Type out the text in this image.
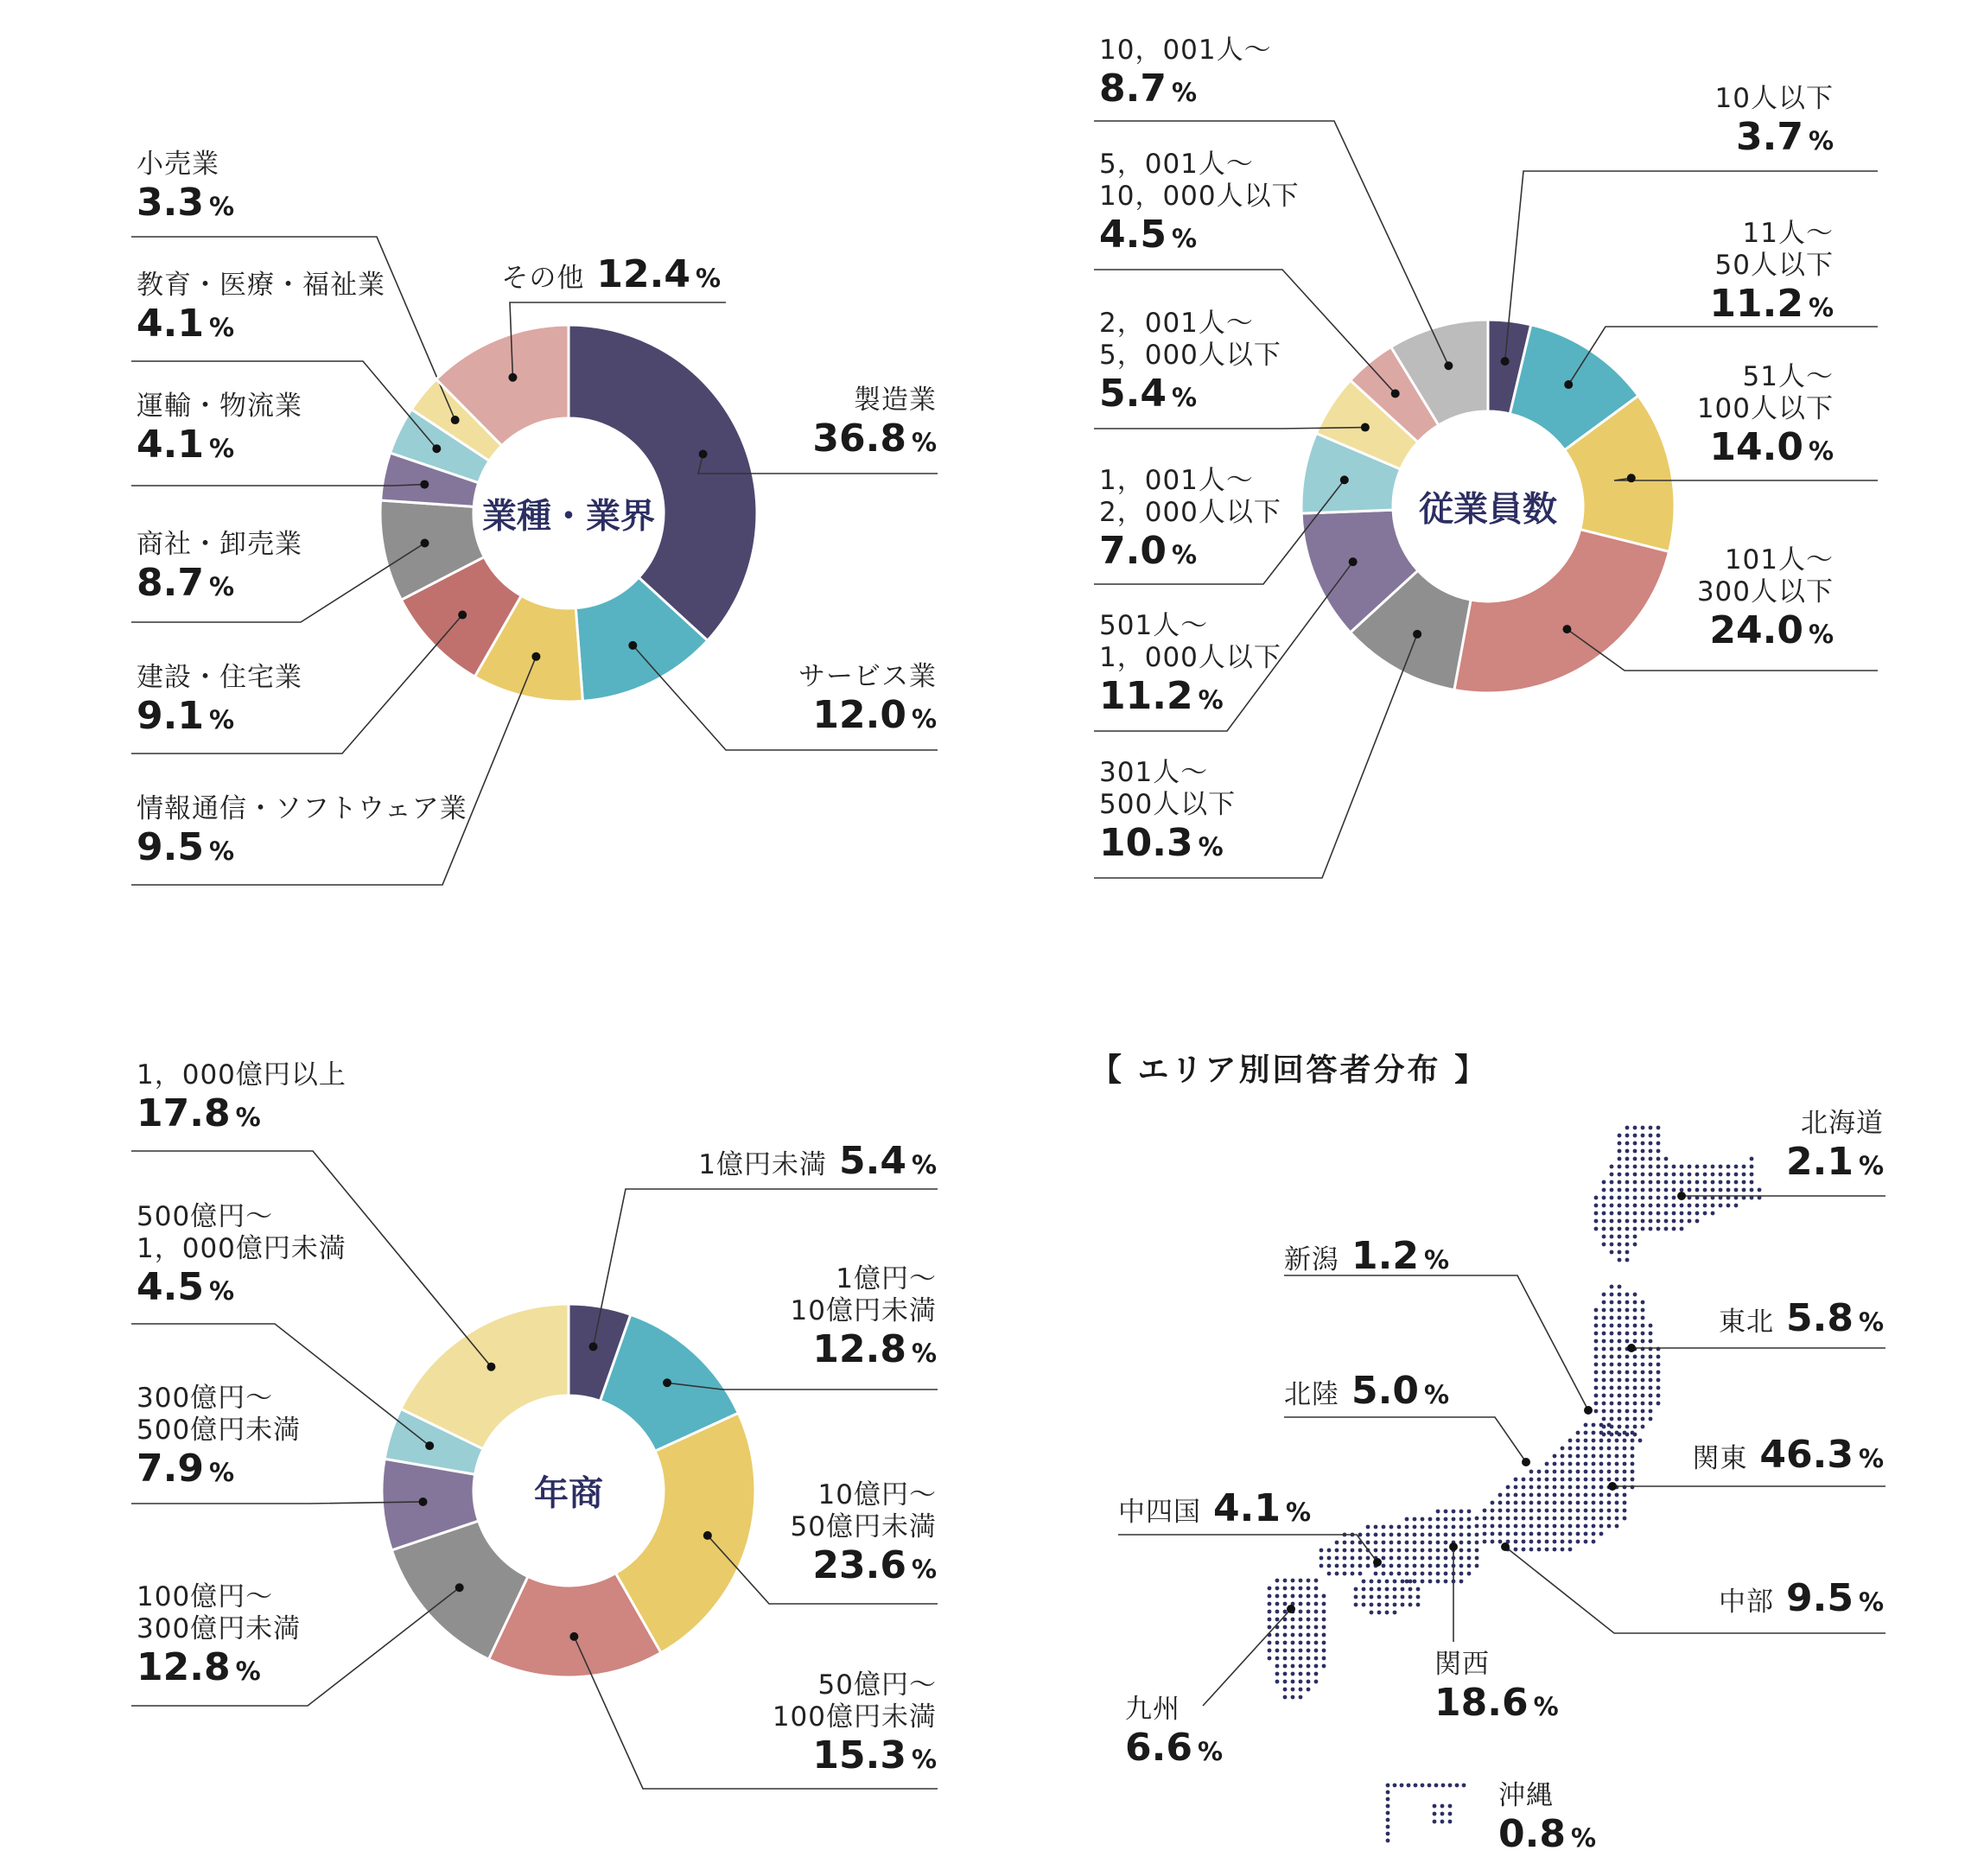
【 エリア別回答者分布 】
製造業
36.8 %
サービス業
12.0 %
情報通信・ソフトウェア業
9.5 %
建設・住宅業
9.1 %
商社・卸売業
8.7 %
運輸・物流業
4.1 %
教育・医療・福祉業
4.1 %
小売業
3.3 %
その他 12.4 %
業種・業界
10人以下
3.7 %
11人～
50人以下
11.2 %
51人～
100人以下
14.0 %
101人～
300人以下
24.0 %
301人～
500人以下
10.3 %
501人～
1，000人以下
11.2 %
1，001人～
2，000人以下
7.0 %
2，001人～
5，000人以下
5.4 %
5，001人～
10，000人以下
4.5 %
10，001人～
8.7 %
従業員数
1億円未満 5.4 %
1億円～
10億円未満
12.8 %
10億円～
50億円未満
23.6 %
50億円～
100億円未満
15.3 %
100億円～
300億円未満
12.8 %
300億円～
500億円未満
7.9 %
500億円～
1，000億円未満
4.5 %
1，000億円以上
17.8 %
年商
北海道
2.1 %
東北 5.8 %
関東 46.3 %
中部 9.5 %
関西
18.6 %
新潟 1.2 %
北陸 5.0 %
中四国 4.1 %
九州
6.6 %
沖縄
0.8 %
